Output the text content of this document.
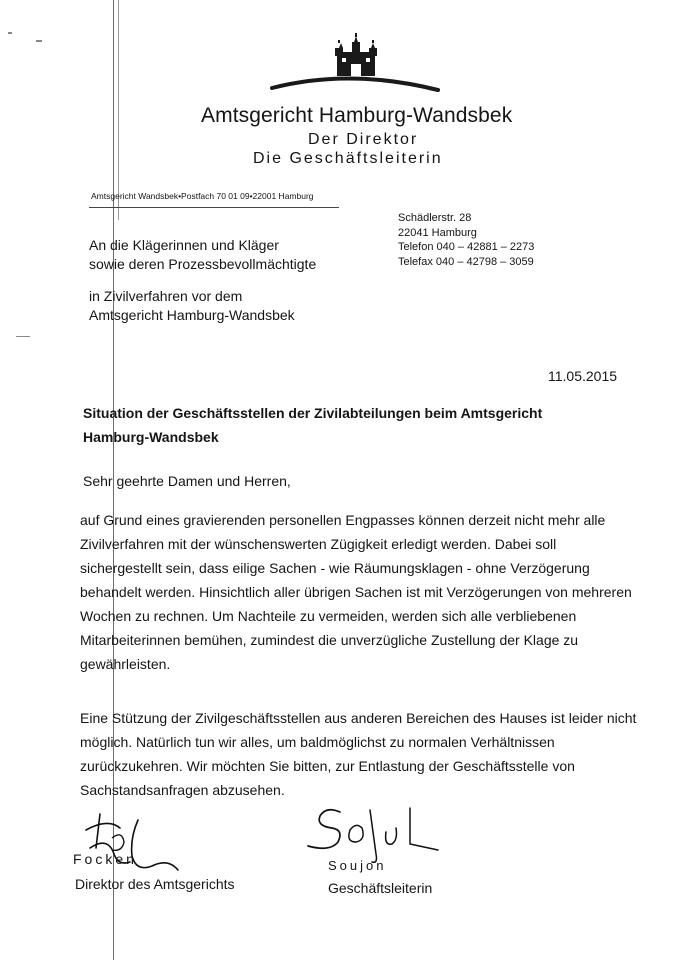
Amtsgericht Hamburg-Wandsbek
Der Direktor
Die Geschäftsleiterin
Amtsgericht Wandsbek•Postfach 70 01 09•22001 Hamburg
Schädlerstr. 28
22041 Hamburg
Telefon 040 – 42881 – 2273
Telefax 040 – 42798 – 3059
An die Klägerinnen und Kläger
sowie deren Prozessbevollmächtigte
in Zivilverfahren vor dem
Amtsgericht Hamburg-Wandsbek
11.05.2015
Situation der Geschäftsstellen der Zivilabteilungen beim Amtsgericht Hamburg-Wandsbek
Sehr geehrte Damen und Herren,
auf Grund eines gravierenden personellen Engpasses können derzeit nicht mehr alle Zivilverfahren mit der wünschenswerten Zügigkeit erledigt werden. Dabei soll sichergestellt sein, dass eilige Sachen - wie Räumungsklagen - ohne Verzögerung behandelt werden. Hinsichtlich aller übrigen Sachen ist mit Verzögerungen von mehreren Wochen zu rechnen. Um Nachteile zu vermeiden, werden sich alle verbliebenen Mitarbeiterinnen bemühen, zumindest die unverzügliche Zustellung der Klage zu gewährleisten.
Eine Stützung der Zivilgeschäftsstellen aus anderen Bereichen des Hauses ist leider nicht möglich. Natürlich tun wir alles, um baldmöglichst zu normalen Verhältnissen zurückzukehren. Wir möchten Sie bitten, zur Entlastung der Geschäftsstelle von Sachstandsanfragen abzusehen.
Focken
Direktor des Amtsgerichts
Soujon
Geschäftsleiterin
